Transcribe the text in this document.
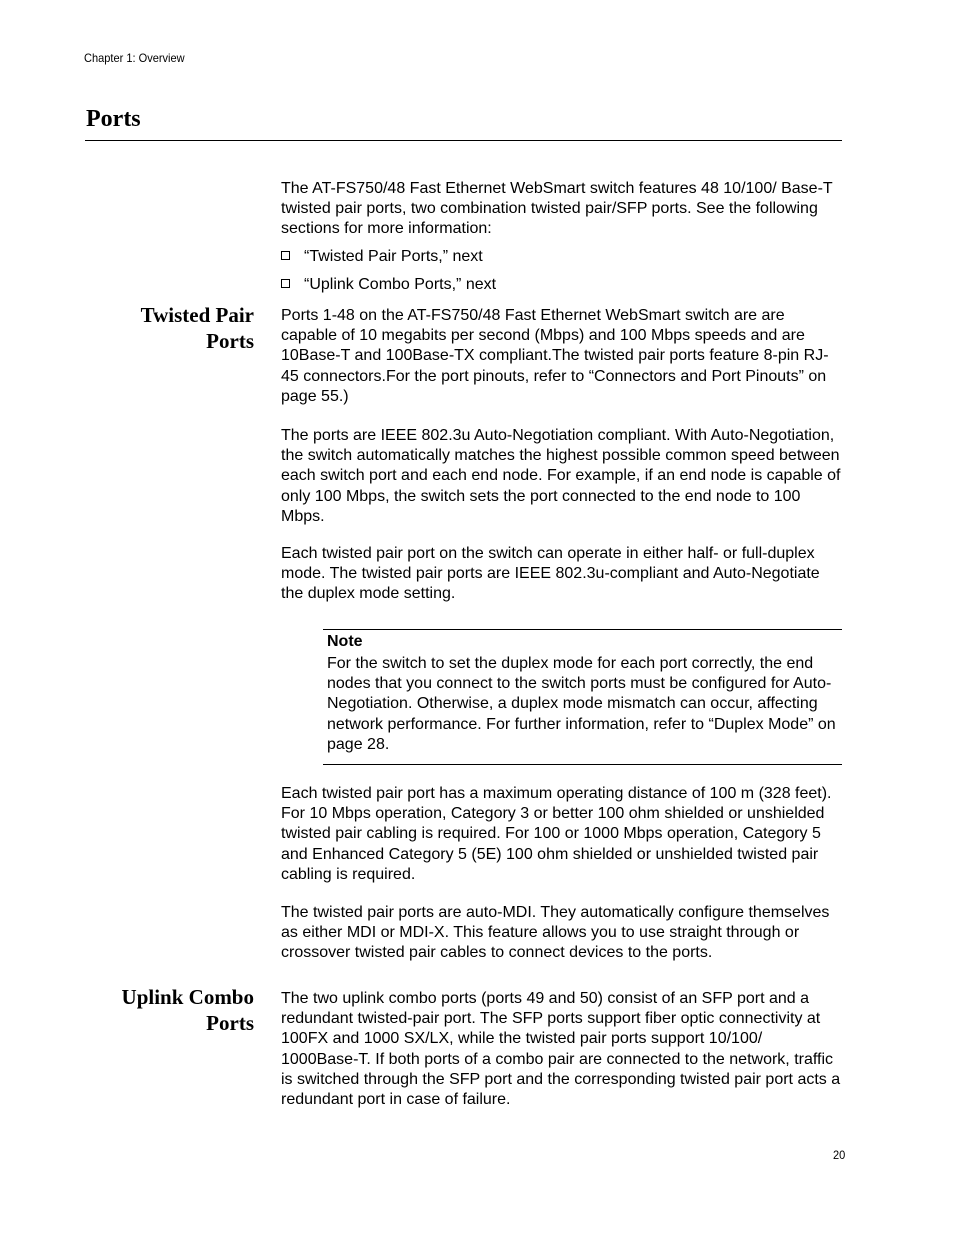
Chapter 1: Overview
Ports

The AT-FS750/48 Fast Ethernet WebSmart switch features 48 10/100/ Base-T twisted pair ports, two combination twisted pair/SFP ports. See the following sections for more information:

“Twisted Pair Ports,” next
“Uplink Combo Ports,” next
Twisted Pair
Ports

Ports 1-48 on the AT-FS750/48 Fast Ethernet WebSmart switch are are capable of 10 megabits per second (Mbps) and 100 Mbps speeds and are 10Base-T and 100Base-TX compliant.The twisted pair ports feature 8-pin RJ-45 connectors.For the port pinouts, refer to “Connectors and Port Pinouts” on page 55.)

The ports are IEEE 802.3u Auto-Negotiation compliant. With Auto-Negotiation, the switch automatically matches the highest possible common speed between each switch port and each end node. For example, if an end node is capable of only 100 Mbps, the switch sets the port connected to the end node to 100 Mbps.

Each twisted pair port on the switch can operate in either half- or full-duplex mode. The twisted pair ports are IEEE 802.3u-compliant and Auto-Negotiate the duplex mode setting.

Note

For the switch to set the duplex mode for each port correctly, the end nodes that you connect to the switch ports must be configured for Auto-Negotiation. Otherwise, a duplex mode mismatch can occur, affecting network performance. For further information, refer to “Duplex Mode” on page 28.

Each twisted pair port has a maximum operating distance of 100 m (328 feet). For 10 Mbps operation, Category 3 or better 100 ohm shielded or unshielded twisted pair cabling is required. For 100 or 1000 Mbps operation, Category 5 and Enhanced Category 5 (5E) 100 ohm shielded or unshielded twisted pair cabling is required.

The twisted pair ports are auto-MDI. They automatically configure themselves as either MDI or MDI-X. This feature allows you to use straight through or crossover twisted pair cables to connect devices to the ports.

Uplink Combo
Ports

The two uplink combo ports (ports 49 and 50) consist of an SFP port and a redundant twisted-pair port. The SFP ports support fiber optic connectivity at 100FX and 1000 SX/LX, while the twisted pair ports support 10/100/ 1000Base-T. If both ports of a combo pair are connected to the network, traffic is switched through the SFP port and the corresponding twisted pair port acts a redundant port in case of failure.

20
